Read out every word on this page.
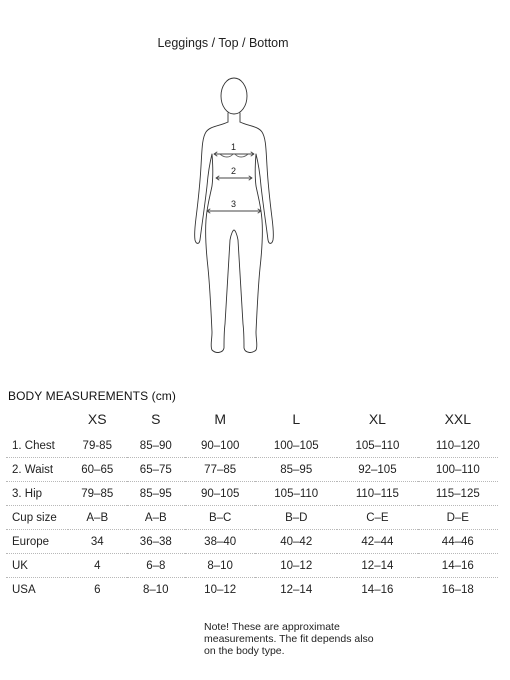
Leggings / Top / Bottom
1
2
3
BODY MEASUREMENTS (cm)
	XS	S	M	L	XL	XXL
1. Chest	79-85	85–90	90–100	100–105	105–110	110–120
2. Waist	60–65	65–75	77–85	85–95	92–105	100–110
3. Hip	79–85	85–95	90–105	105–110	110–115	115–125
Cup size	A–B	A–B	B–C	B–D	C–E	D–E
Europe	34	36–38	38–40	40–42	42–44	44–46
UK	4	6–8	8–10	10–12	12–14	14–16
USA	6	8–10	10–12	12–14	14–16	16–18
Note! These are approximate measurements. The fit depends also on the body type.
